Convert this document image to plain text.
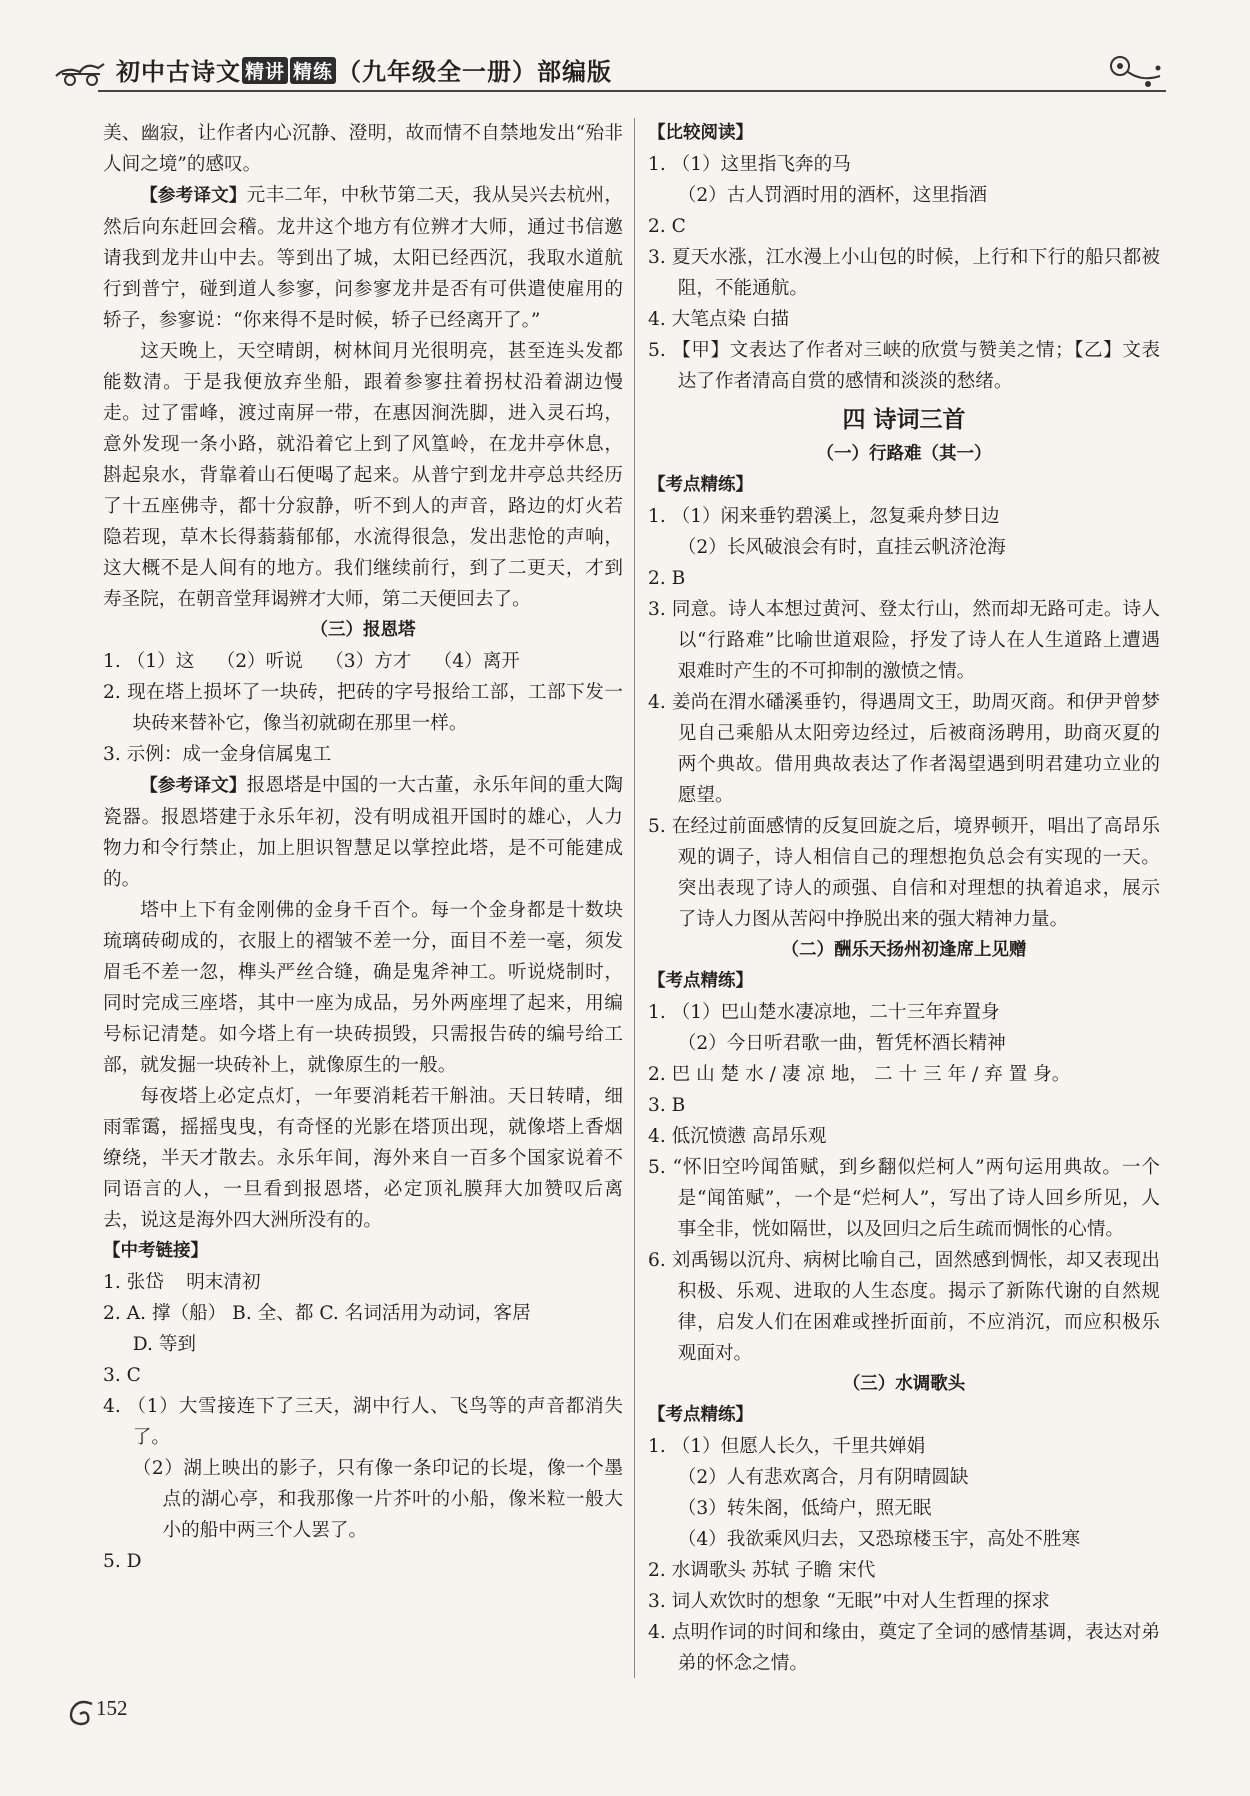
初中古诗文 精讲 精练 （九年级全一册）部编版

美、幽寂，让作者内心沉静、澄明，故而情不自禁地发出“殆非人间之境”的感叹。

【参考译文】元丰二年，中秋节第二天，我从吴兴去杭州，然后向东赶回会稽。龙井这个地方有位辨才大师，通过书信邀请我到龙井山中去。等到出了城，太阳已经西沉，我取水道航行到普宁，碰到道人参寥，问参寥龙井是否有可供遣使雇用的轿子，参寥说：“你来得不是时候，轿子已经离开了。”

这天晚上，天空晴朗，树林间月光很明亮，甚至连头发都能数清。于是我便放弃坐船，跟着参寥拄着拐杖沿着湖边慢走。过了雷峰，渡过南屏一带，在惠因涧洗脚，进入灵石坞，意外发现一条小路，就沿着它上到了风篁岭，在龙井亭休息，斟起泉水，背靠着山石便喝了起来。从普宁到龙井亭总共经历了十五座佛寺，都十分寂静，听不到人的声音，路边的灯火若隐若现，草木长得蓊蓊郁郁，水流得很急，发出悲怆的声响，这大概不是人间有的地方。我们继续前行，到了二更天，才到寿圣院，在朝音堂拜谒辨才大师，第二天便回去了。

（三）报恩塔

1. （1）这 （2）听说 （3）方才 （4）离开

2. 现在塔上损坏了一块砖，把砖的字号报给工部，工部下发一块砖来替补它，像当初就砌在那里一样。

3. 示例：成一金身信属鬼工

【参考译文】报恩塔是中国的一大古董，永乐年间的重大陶瓷器。报恩塔建于永乐年初，没有明成祖开国时的雄心，人力物力和令行禁止，加上胆识智慧足以掌控此塔，是不可能建成的。

塔中上下有金刚佛的金身千百个。每一个金身都是十数块琉璃砖砌成的，衣服上的褶皱不差一分，面目不差一毫，须发眉毛不差一忽，榫头严丝合缝，确是鬼斧神工。听说烧制时，同时完成三座塔，其中一座为成品，另外两座埋了起来，用编号标记清楚。如今塔上有一块砖损毁，只需报告砖的编号给工部，就发掘一块砖补上，就像原生的一般。

每夜塔上必定点灯，一年要消耗若干斛油。天日转晴，细雨霏霭，摇摇曳曳，有奇怪的光影在塔顶出现，就像塔上香烟缭绕，半天才散去。永乐年间，海外来自一百多个国家说着不同语言的人，一旦看到报恩塔，必定顶礼膜拜大加赞叹后离去，说这是海外四大洲所没有的。

【中考链接】

1. 张岱 明末清初

2. A. 撑（船） B. 全、都 C. 名词活用为动词，客居

D. 等到

3. C

4. （1）大雪接连下了三天，湖中行人、飞鸟等的声音都消失了。

（2）湖上映出的影子，只有像一条印记的长堤，像一个墨点的湖心亭，和我那像一片芥叶的小船，像米粒一般大小的船中两三个人罢了。

5. D

【比较阅读】

1. （1）这里指飞奔的马

（2）古人罚酒时用的酒杯，这里指酒

2. C

3. 夏天水涨，江水漫上小山包的时候，上行和下行的船只都被阻，不能通航。

4. 大笔点染 白描

5. 【甲】文表达了作者对三峡的欣赏与赞美之情；【乙】文表达了作者清高自赏的感情和淡淡的愁绪。

四 诗词三首

（一）行路难（其一）

【考点精练】

1. （1）闲来垂钓碧溪上，忽复乘舟梦日边

（2）长风破浪会有时，直挂云帆济沧海

2. B

3. 同意。诗人本想过黄河、登太行山，然而却无路可走。诗人以“行路难”比喻世道艰险，抒发了诗人在人生道路上遭遇艰难时产生的不可抑制的激愤之情。

4. 姜尚在渭水磻溪垂钓，得遇周文王，助周灭商。和伊尹曾梦见自己乘船从太阳旁边经过，后被商汤聘用，助商灭夏的两个典故。借用典故表达了作者渴望遇到明君建功立业的愿望。

5. 在经过前面感情的反复回旋之后，境界顿开，唱出了高昂乐观的调子，诗人相信自己的理想抱负总会有实现的一天。突出表现了诗人的顽强、自信和对理想的执着追求，展示了诗人力图从苦闷中挣脱出来的强大精神力量。

（二）酬乐天扬州初逢席上见赠

【考点精练】

1. （1）巴山楚水凄凉地，二十三年弃置身

（2）今日听君歌一曲，暂凭杯酒长精神

2. 巴 山 楚 水 / 凄 凉 地， 二 十 三 年 / 弃 置 身。

3. B

4. 低沉愤懑 高昂乐观

5. “怀旧空吟闻笛赋，到乡翻似烂柯人”两句运用典故。一个是“闻笛赋”，一个是“烂柯人”，写出了诗人回乡所见，人事全非，恍如隔世，以及回归之后生疏而惆怅的心情。

6. 刘禹锡以沉舟、病树比喻自己，固然感到惆怅，却又表现出积极、乐观、进取的人生态度。揭示了新陈代谢的自然规律，启发人们在困难或挫折面前，不应消沉，而应积极乐观面对。

（三）水调歌头

【考点精练】

1. （1）但愿人长久，千里共婵娟

（2）人有悲欢离合，月有阴晴圆缺

（3）转朱阁，低绮户，照无眠

（4）我欲乘风归去，又恐琼楼玉宇，高处不胜寒

2. 水调歌头 苏轼 子瞻 宋代

3. 词人欢饮时的想象 “无眠”中对人生哲理的探求

4. 点明作词的时间和缘由，奠定了全词的感情基调，表达对弟弟的怀念之情。

152
